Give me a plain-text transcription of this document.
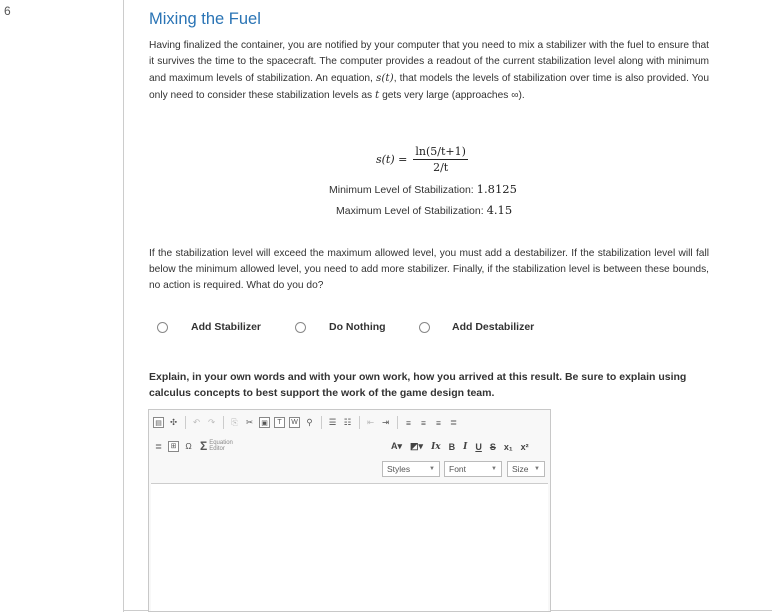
6	Mixing the Fuel
Having finalized the container, you are notified by your computer that you need to mix a stabilizer with the fuel to ensure that it survives the time to the spacecraft. The computer provides a readout of the current stabilization level along with minimum and maximum levels of stabilization. An equation, s(t), that models the levels of stabilization over time is also provided. You only need to consider these stabilization levels as t gets very large (approaches ∞).
$s(t) = \frac{\ln(5/t+1)}{2/t}$
Minimum Level of Stabilization: 1.8125
Maximum Level of Stabilization: 4.15
If the stabilization level will exceed the maximum allowed level, you must add a destabilizer. If the stabilization level will fall below the minimum allowed level, you need to add more stabilizer. Finally, if the stabilization level is between these bounds, no action is required. What do you do?
Add Stabilizer	Do Nothing	Add Destabilizer
Explain, in your own words and with your own work, how you arrived at this result. Be sure to explain using calculus concepts to best support the work of the game design team.
▤ ✣ ↶ ↷ ⎘ ✂	▣	T	W ⚲ ☰ ☷ ⇤ ⇥	≡	≡	≡	≣
≣	⊞	Ω Σ Equation Editor	A▾ ◩▾ Ix B I U S x₁ x²
Styles	▼ Font	▼ Size ▼
